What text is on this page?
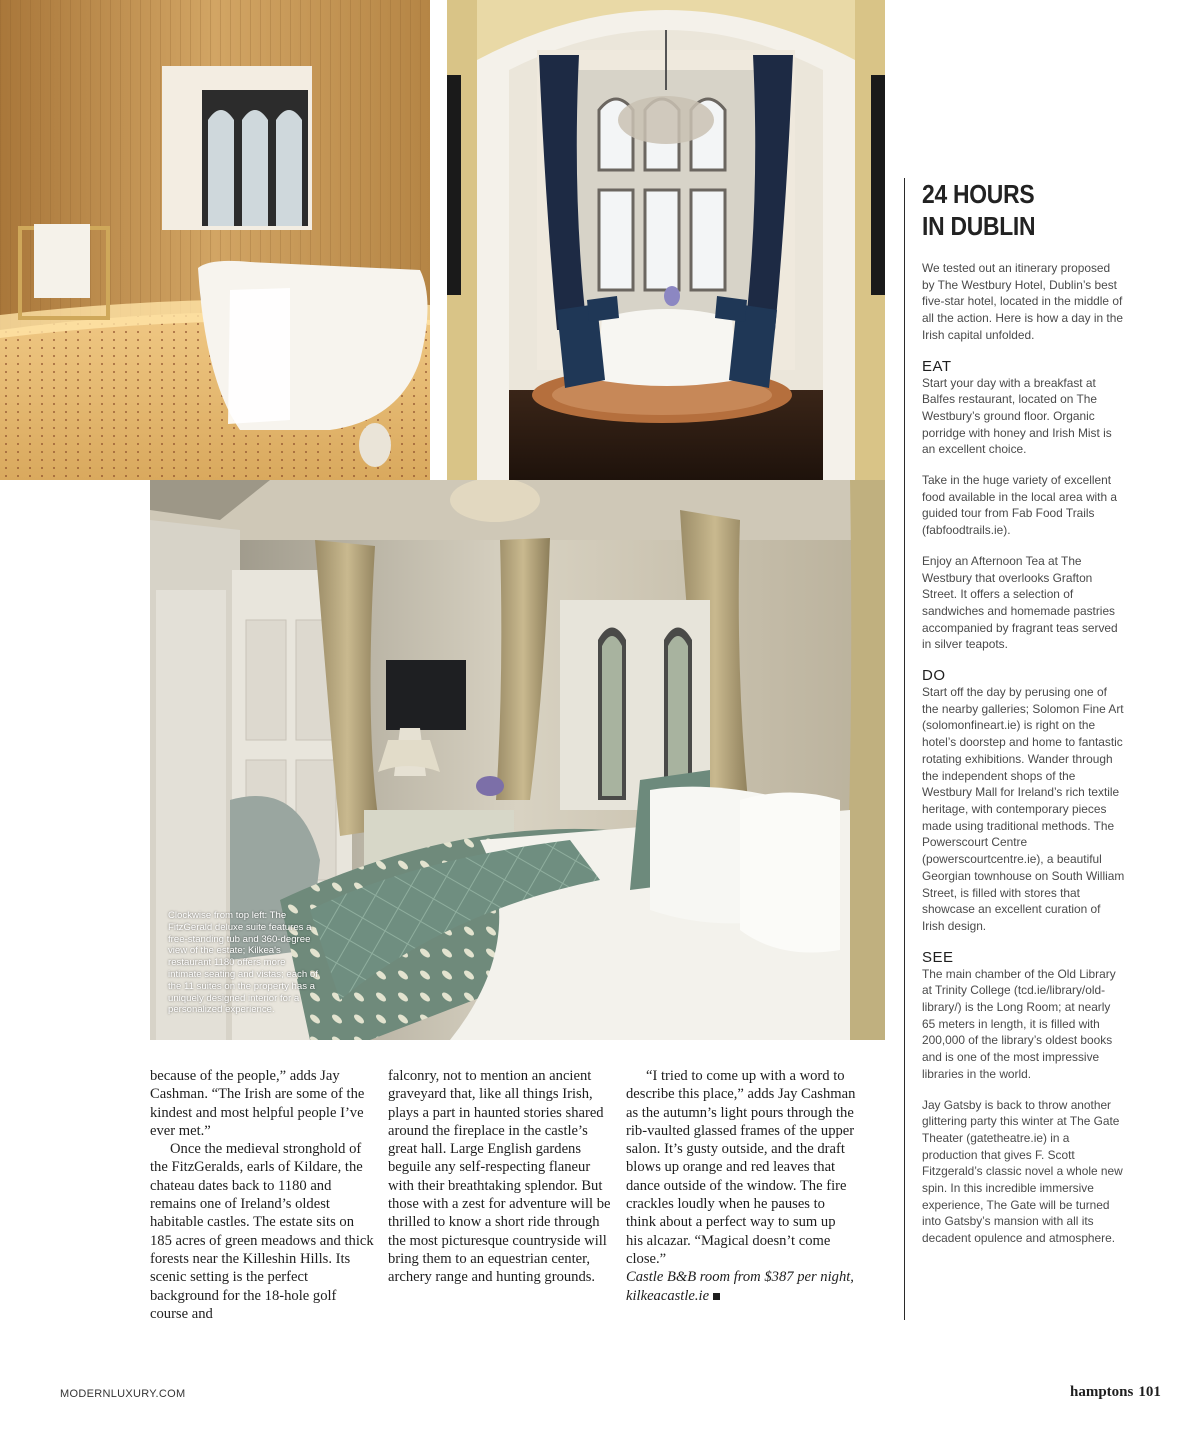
Clockwise from top left: The FitzGerald deluxe suite features a free-standing tub and 360-degree view of the estate; Kilkea's restaurant 1180 offers more intimate seating and vistas; each of the 11 suites on the property has a uniquely designed interior for a personalized experience.

because of the people,” adds Jay Cashman. “The Irish are some of the kindest and most helpful people I’ve ever met.”

Once the medieval stronghold of the FitzGeralds, earls of Kildare, the chateau dates back to 1180 and remains one of Ireland’s oldest habitable castles. The estate sits on 185 acres of green meadows and thick forests near the Killeshin Hills. Its scenic setting is the perfect background for the 18-hole golf course and

falconry, not to mention an ancient graveyard that, like all things Irish, plays a part in haunted stories shared around the fireplace in the castle’s great hall. Large English gardens beguile any self-respecting flaneur with their breathtaking splendor. But those with a zest for adventure will be thrilled to know a short ride through the most picturesque countryside will bring them to an equestrian center, archery range and hunting grounds.

“I tried to come up with a word to describe this place,” adds Jay Cashman as the autumn’s light pours through the rib-vaulted glassed frames of the upper salon. It’s gusty outside, and the draft blows up orange and red leaves that dance outside of the window. The fire crackles loudly when he pauses to think about a perfect way to sum up his alcazar. “Magical doesn’t come close.”

Castle B&B room from $387 per night, kilkeacastle.ie

24 HOURS
IN DUBLIN

We tested out an itinerary proposed by The Westbury Hotel, Dublin’s best five-star hotel, located in the middle of all the action. Here is how a day in the Irish capital unfolded.

EAT

Start your day with a breakfast at Balfes restaurant, located on The Westbury’s ground floor. Organic porridge with honey and Irish Mist is an excellent choice.

Take in the huge variety of excellent food available in the local area with a guided tour from Fab Food Trails (fabfoodtrails.ie).

Enjoy an Afternoon Tea at The Westbury that overlooks Grafton Street. It offers a selection of sandwiches and homemade pastries accompanied by fragrant teas served in silver teapots.

DO

Start off the day by perusing one of the nearby galleries; Solomon Fine Art (solomonfineart.ie) is right on the hotel’s doorstep and home to fantastic rotating exhibitions. Wander through the independent shops of the Westbury Mall for Ireland’s rich textile heritage, with contemporary pieces made using traditional methods. The Powerscourt Centre (powerscourtcentre.ie), a beautiful Georgian townhouse on South William Street, is filled with stores that showcase an excellent curation of Irish design.

SEE

The main chamber of the Old Library at Trinity College (tcd.ie/library/old-library/) is the Long Room; at nearly 65 meters in length, it is filled with 200,000 of the library’s oldest books and is one of the most impressive libraries in the world.

Jay Gatsby is back to throw another glittering party this winter at The Gate Theater (gatetheatre.ie) in a production that gives F. Scott Fitzgerald’s classic novel a whole new spin. In this incredible immersive experience, The Gate will be turned into Gatsby’s mansion with all its decadent opulence and atmosphere.

MODERNLUXURY.COM	hamptons 101
